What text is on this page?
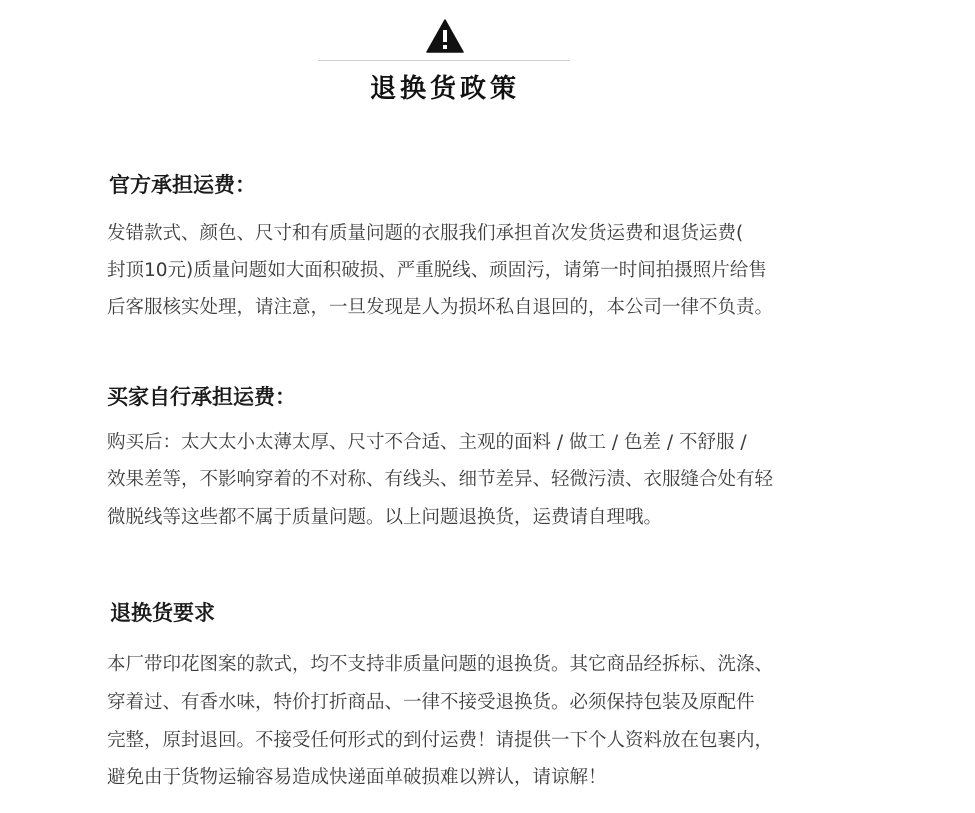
退换货政策
官方承担运费：
发错款式、颜色、尺寸和有质量问题的衣服我们承担首次发货运费和退货运费(
封顶10元)质量问题如大面积破损、严重脱线、顽固污，请第一时间拍摄照片给售
后客服核实处理，请注意，一旦发现是人为损坏私自退回的，本公司一律不负责。
买家自行承担运费：
购买后：太大太小太薄太厚、尺寸不合适、主观的面料 / 做工 / 色差 / 不舒服 /
效果差等，不影响穿着的不对称、有线头、细节差异、轻微污渍、衣服缝合处有轻
微脱线等这些都不属于质量问题。以上问题退换货，运费请自理哦。
退换货要求
本厂带印花图案的款式，均不支持非质量问题的退换货。其它商品经拆标、洗涤、
穿着过、有香水味，特价打折商品、一律不接受退换货。必须保持包装及原配件
完整，原封退回。不接受任何形式的到付运费！请提供一下个人资料放在包裹内，
避免由于货物运输容易造成快递面单破损难以辨认，请谅解！
